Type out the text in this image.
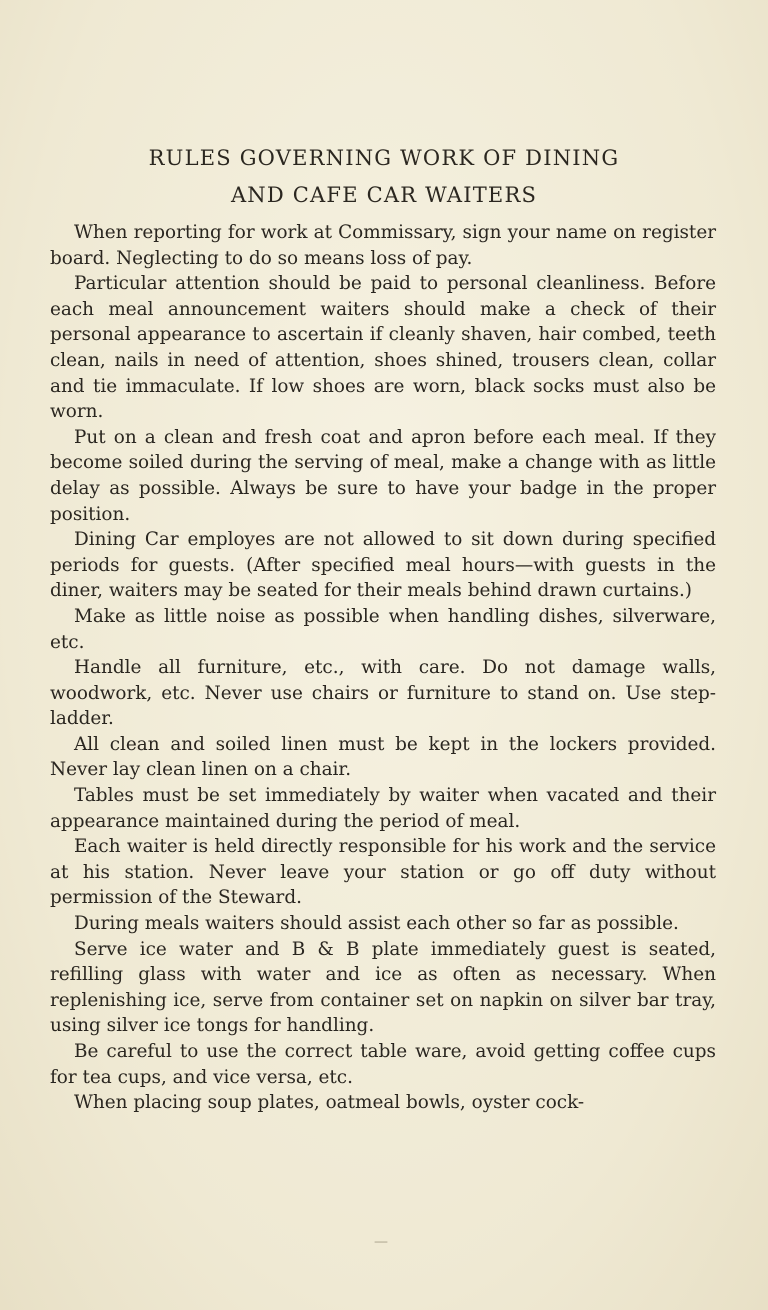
RULES GOVERNING WORK OF DINING
AND CAFE CAR WAITERS

When reporting for work at Commissary, sign your name on register board. Neglecting to do so means loss of pay.

Particular attention should be paid to personal cleanliness. Before each meal announcement waiters should make a check of their personal appearance to ascertain if cleanly shaven, hair combed, teeth clean, nails in need of attention, shoes shined, trousers clean, collar and tie immaculate. If low shoes are worn, black socks must also be worn.

Put on a clean and fresh coat and apron before each meal. If they become soiled during the serving of meal, make a change with as little delay as possible. Always be sure to have your badge in the proper position.

Dining Car employes are not allowed to sit down during specified periods for guests. (After specified meal hours—with guests in the diner, waiters may be seated for their meals behind drawn curtains.)

Make as little noise as possible when handling dishes, silverware, etc.

Handle all furniture, etc., with care. Do not damage walls, woodwork, etc. Never use chairs or furniture to stand on. Use step-ladder.

All clean and soiled linen must be kept in the lockers provided. Never lay clean linen on a chair.

Tables must be set immediately by waiter when vacated and their appearance maintained during the period of meal.

Each waiter is held directly responsible for his work and the service at his station. Never leave your station or go off duty without permission of the Steward.

During meals waiters should assist each other so far as possible.

Serve ice water and B & B plate immediately guest is seated, refilling glass with water and ice as often as necessary. When replenishing ice, serve from container set on napkin on silver bar tray, using silver ice tongs for handling.

Be careful to use the correct table ware, avoid getting coffee cups for tea cups, and vice versa, etc.

When placing soup plates, oatmeal bowls, oyster cock-

—
